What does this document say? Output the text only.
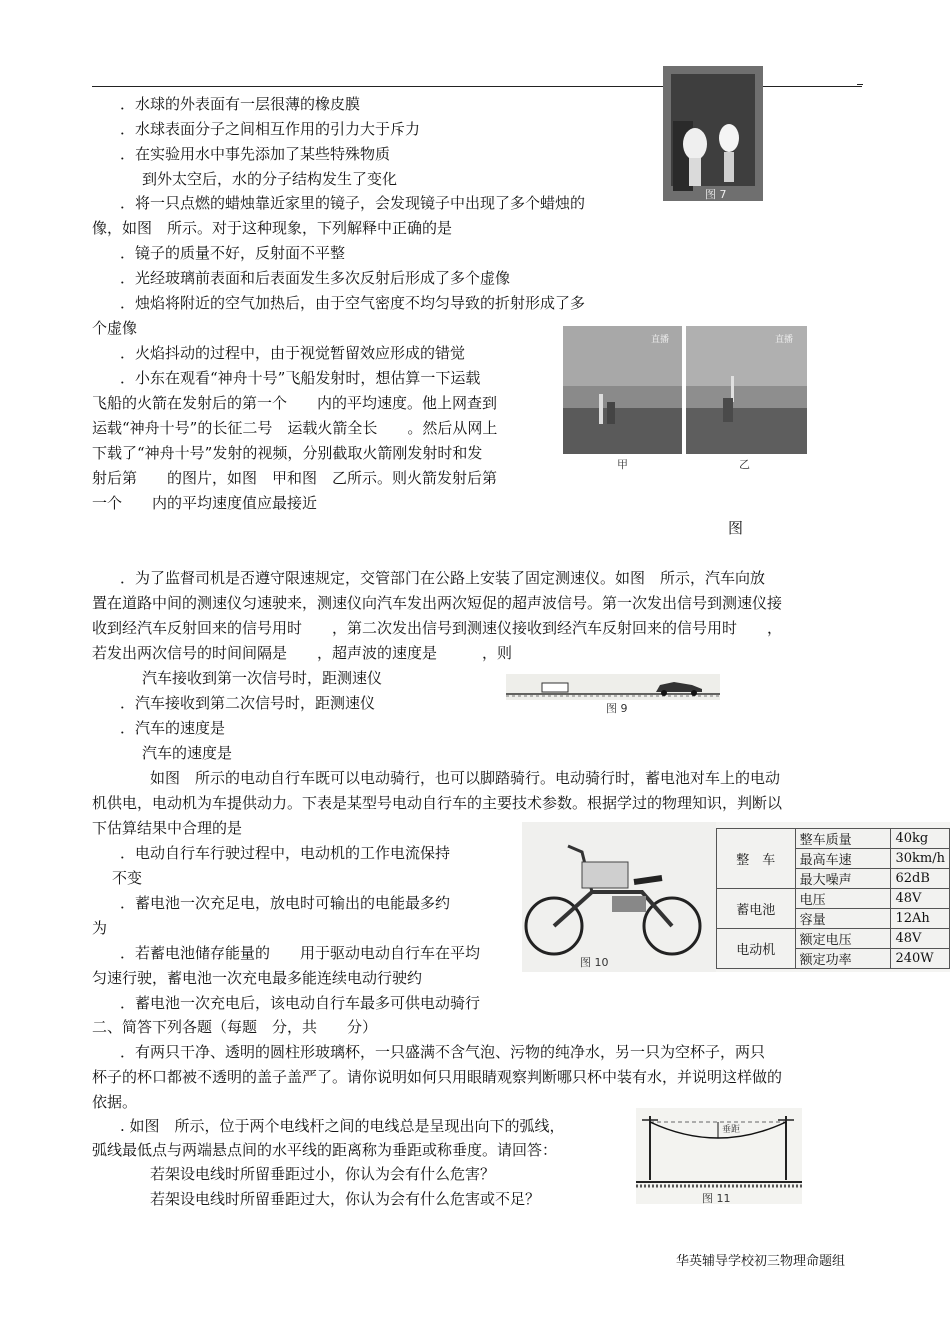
．水球的外表面有一层很薄的橡皮膜
．水球表面分子之间相互作用的引力大于斥力
．在实验用水中事先添加了某些特殊物质
到外太空后，水的分子结构发生了变化
图 7
．将一只点燃的蜡烛靠近家里的镜子，会发现镜子中出现了多个蜡烛的
像，如图　所示。对于这种现象，下列解释中正确的是
．镜子的质量不好，反射面不平整
．光经玻璃前表面和后表面发生多次反射后形成了多个虚像
．烛焰将附近的空气加热后，由于空气密度不均匀导致的折射形成了多
个虚像
．火焰抖动的过程中，由于视觉暂留效应形成的错觉
直播	直播
甲	乙
．小东在观看“神舟十号”飞船发射时，想估算一下运载
飞船的火箭在发射后的第一个　　内的平均速度。他上网查到
运载“神舟十号”的长征二号　运载火箭全长　　。然后从网上
下载了“神舟十号”发射的视频，分别截取火箭刚发射时和发
射后第　　的图片，如图　甲和图　乙所示。则火箭发射后第
一个　　内的平均速度值应最接近
图
．为了监督司机是否遵守限速规定，交管部门在公路上安装了固定测速仪。如图　所示，汽车向放
置在道路中间的测速仪匀速驶来，测速仪向汽车发出两次短促的超声波信号。第一次发出信号到测速仪接
收到经汽车反射回来的信号用时　　，第二次发出信号到测速仪接收到经汽车反射回来的信号用时　　，
若发出两次信号的时间间隔是　　，超声波的速度是　　　，则
汽车接收到第一次信号时，距测速仪
．汽车接收到第二次信号时，距测速仪
．汽车的速度是
汽车的速度是
图 9
如图　所示的电动自行车既可以电动骑行，也可以脚踏骑行。电动骑行时，蓄电池对车上的电动
机供电，电动机为车提供动力。下表是某型号电动自行车的主要技术参数。根据学过的物理知识，判断以
下估算结果中合理的是
．电动自行车行驶过程中，电动机的工作电流保持
不变
．蓄电池一次充足电，放电时可输出的电能最多约
为
．若蓄电池储存能量的　　用于驱动电动自行车在平均
匀速行驶，蓄电池一次充电最多能连续电动行驶约
．蓄电池一次充电后，该电动自行车最多可供电动骑行
图 10
整　车	整车质量	40kg
	最高车速	30km/h
	最大噪声	62dB
蓄电池	电压	48V
	容量	12Ah
电动机	额定电压	48V
	额定功率	240W
二、简答下列各题（每题　分，共　　分）
．有两只干净、透明的圆柱形玻璃杯，一只盛满不含气泡、污物的纯净水，另一只为空杯子，两只
杯子的杯口都被不透明的盖子盖严了。请你说明如何只用眼睛观察判断哪只杯中装有水，并说明这样做的
依据。
. 如图　所示，位于两个电线杆之间的电线总是呈现出向下的弧线，
弧线最低点与两端悬点间的水平线的距离称为垂距或称垂度。请回答：
若架设电线时所留垂距过小，你认为会有什么危害？
若架设电线时所留垂距过大，你认为会有什么危害或不足？
垂距
图 11
华英辅导学校初三物理命题组
